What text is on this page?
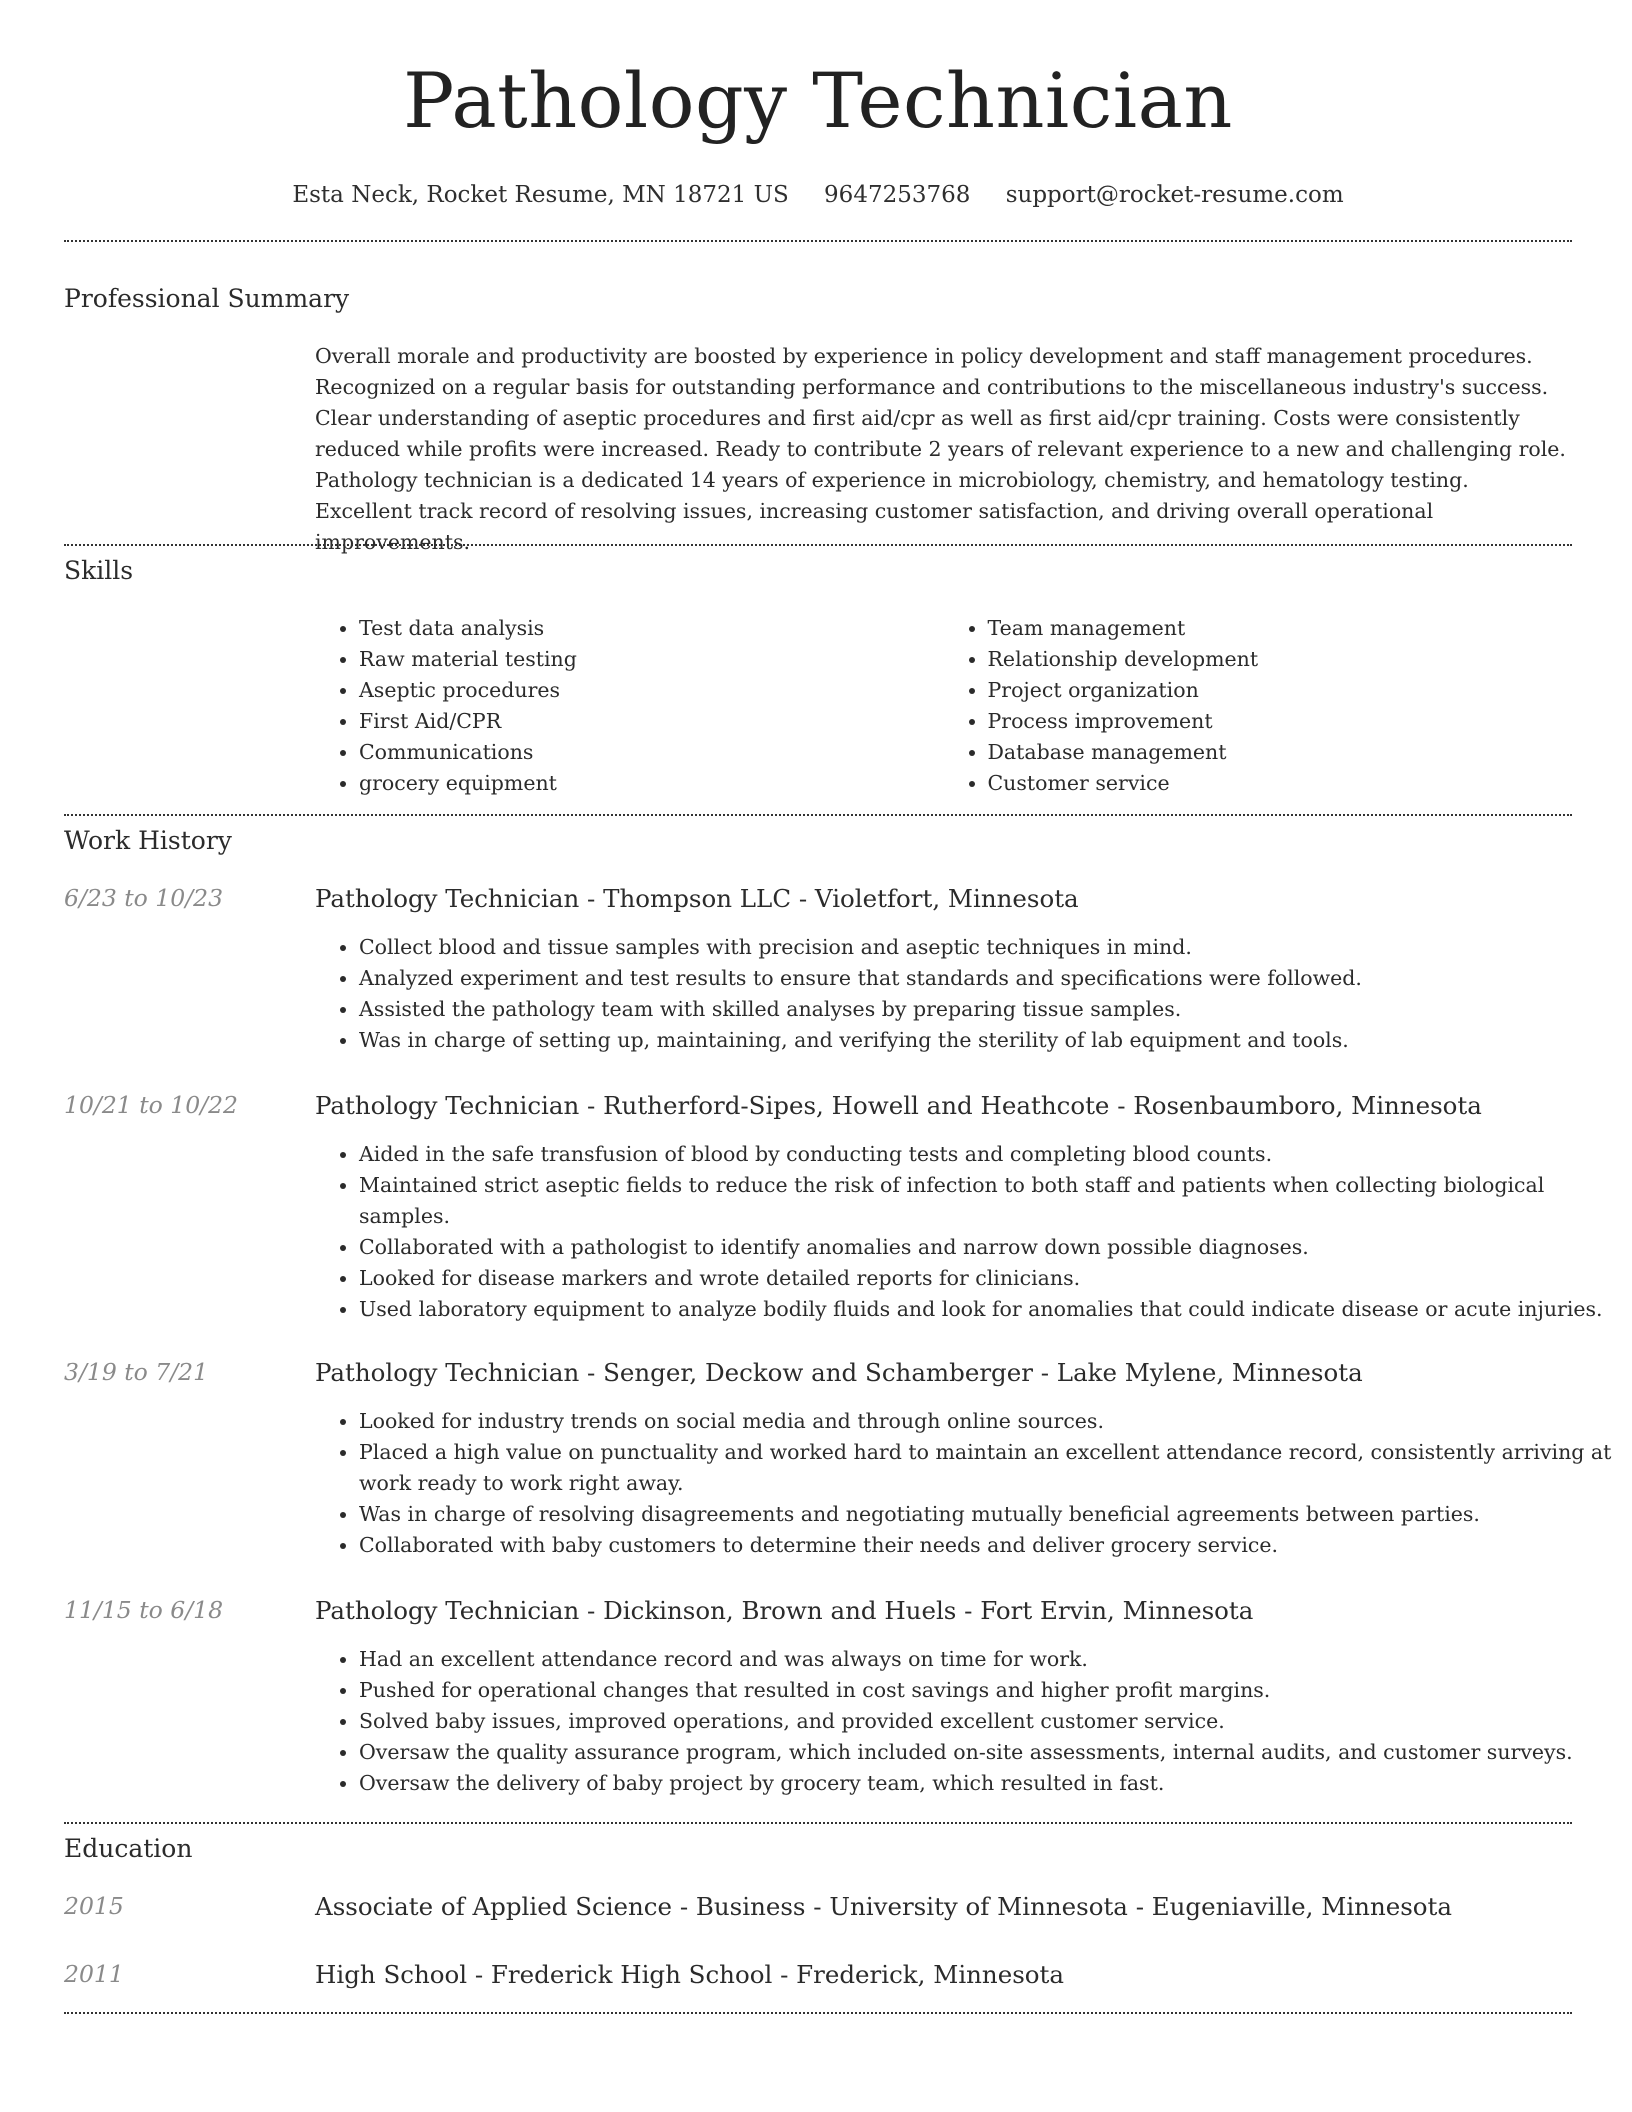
Pathology Technician
Esta Neck, Rocket Resume, MN 18721 US 9647253768 support@rocket-resume.com
Professional Summary

Overall morale and productivity are boosted by experience in policy development and staff management procedures. Recognized on a regular basis for outstanding performance and contributions to the miscellaneous industry's success. Clear understanding of aseptic procedures and first aid/cpr as well as first aid/cpr training. Costs were consistently reduced while profits were increased. Ready to contribute 2 years of relevant experience to a new and challenging role. Pathology technician is a dedicated 14 years of experience in microbiology, chemistry, and hematology testing. Excellent track record of resolving issues, increasing customer satisfaction, and driving overall operational improvements.

Skills
• Test data analysis
• Raw material testing
• Aseptic procedures
• First Aid/CPR
• Communications
• grocery equipment
• Team management
• Relationship development
• Project organization
• Process improvement
• Database management
• Customer service
Work History
6/23 to 10/23	Pathology Technician - Thompson LLC - Violetfort, Minnesota
• Collect blood and tissue samples with precision and aseptic techniques in mind.
• Analyzed experiment and test results to ensure that standards and specifications were followed.
• Assisted the pathology team with skilled analyses by preparing tissue samples.
• Was in charge of setting up, maintaining, and verifying the sterility of lab equipment and tools.
10/21 to 10/22	Pathology Technician - Rutherford-Sipes, Howell and Heathcote - Rosenbaumboro, Minnesota
• Aided in the safe transfusion of blood by conducting tests and completing blood counts.
• Maintained strict aseptic fields to reduce the risk of infection to both staff and patients when collecting biological samples.
• Collaborated with a pathologist to identify anomalies and narrow down possible diagnoses.
• Looked for disease markers and wrote detailed reports for clinicians.
• Used laboratory equipment to analyze bodily fluids and look for anomalies that could indicate disease or acute injuries.
3/19 to 7/21	Pathology Technician - Senger, Deckow and Schamberger - Lake Mylene, Minnesota
• Looked for industry trends on social media and through online sources.
• Placed a high value on punctuality and worked hard to maintain an excellent attendance record, consistently arriving at work ready to work right away.
• Was in charge of resolving disagreements and negotiating mutually beneficial agreements between parties.
• Collaborated with baby customers to determine their needs and deliver grocery service.
11/15 to 6/18	Pathology Technician - Dickinson, Brown and Huels - Fort Ervin, Minnesota
• Had an excellent attendance record and was always on time for work.
• Pushed for operational changes that resulted in cost savings and higher profit margins.
• Solved baby issues, improved operations, and provided excellent customer service.
• Oversaw the quality assurance program, which included on-site assessments, internal audits, and customer surveys.
• Oversaw the delivery of baby project by grocery team, which resulted in fast.
Education
2015	Associate of Applied Science - Business - University of Minnesota - Eugeniaville, Minnesota
2011	High School - Frederick High School - Frederick, Minnesota
